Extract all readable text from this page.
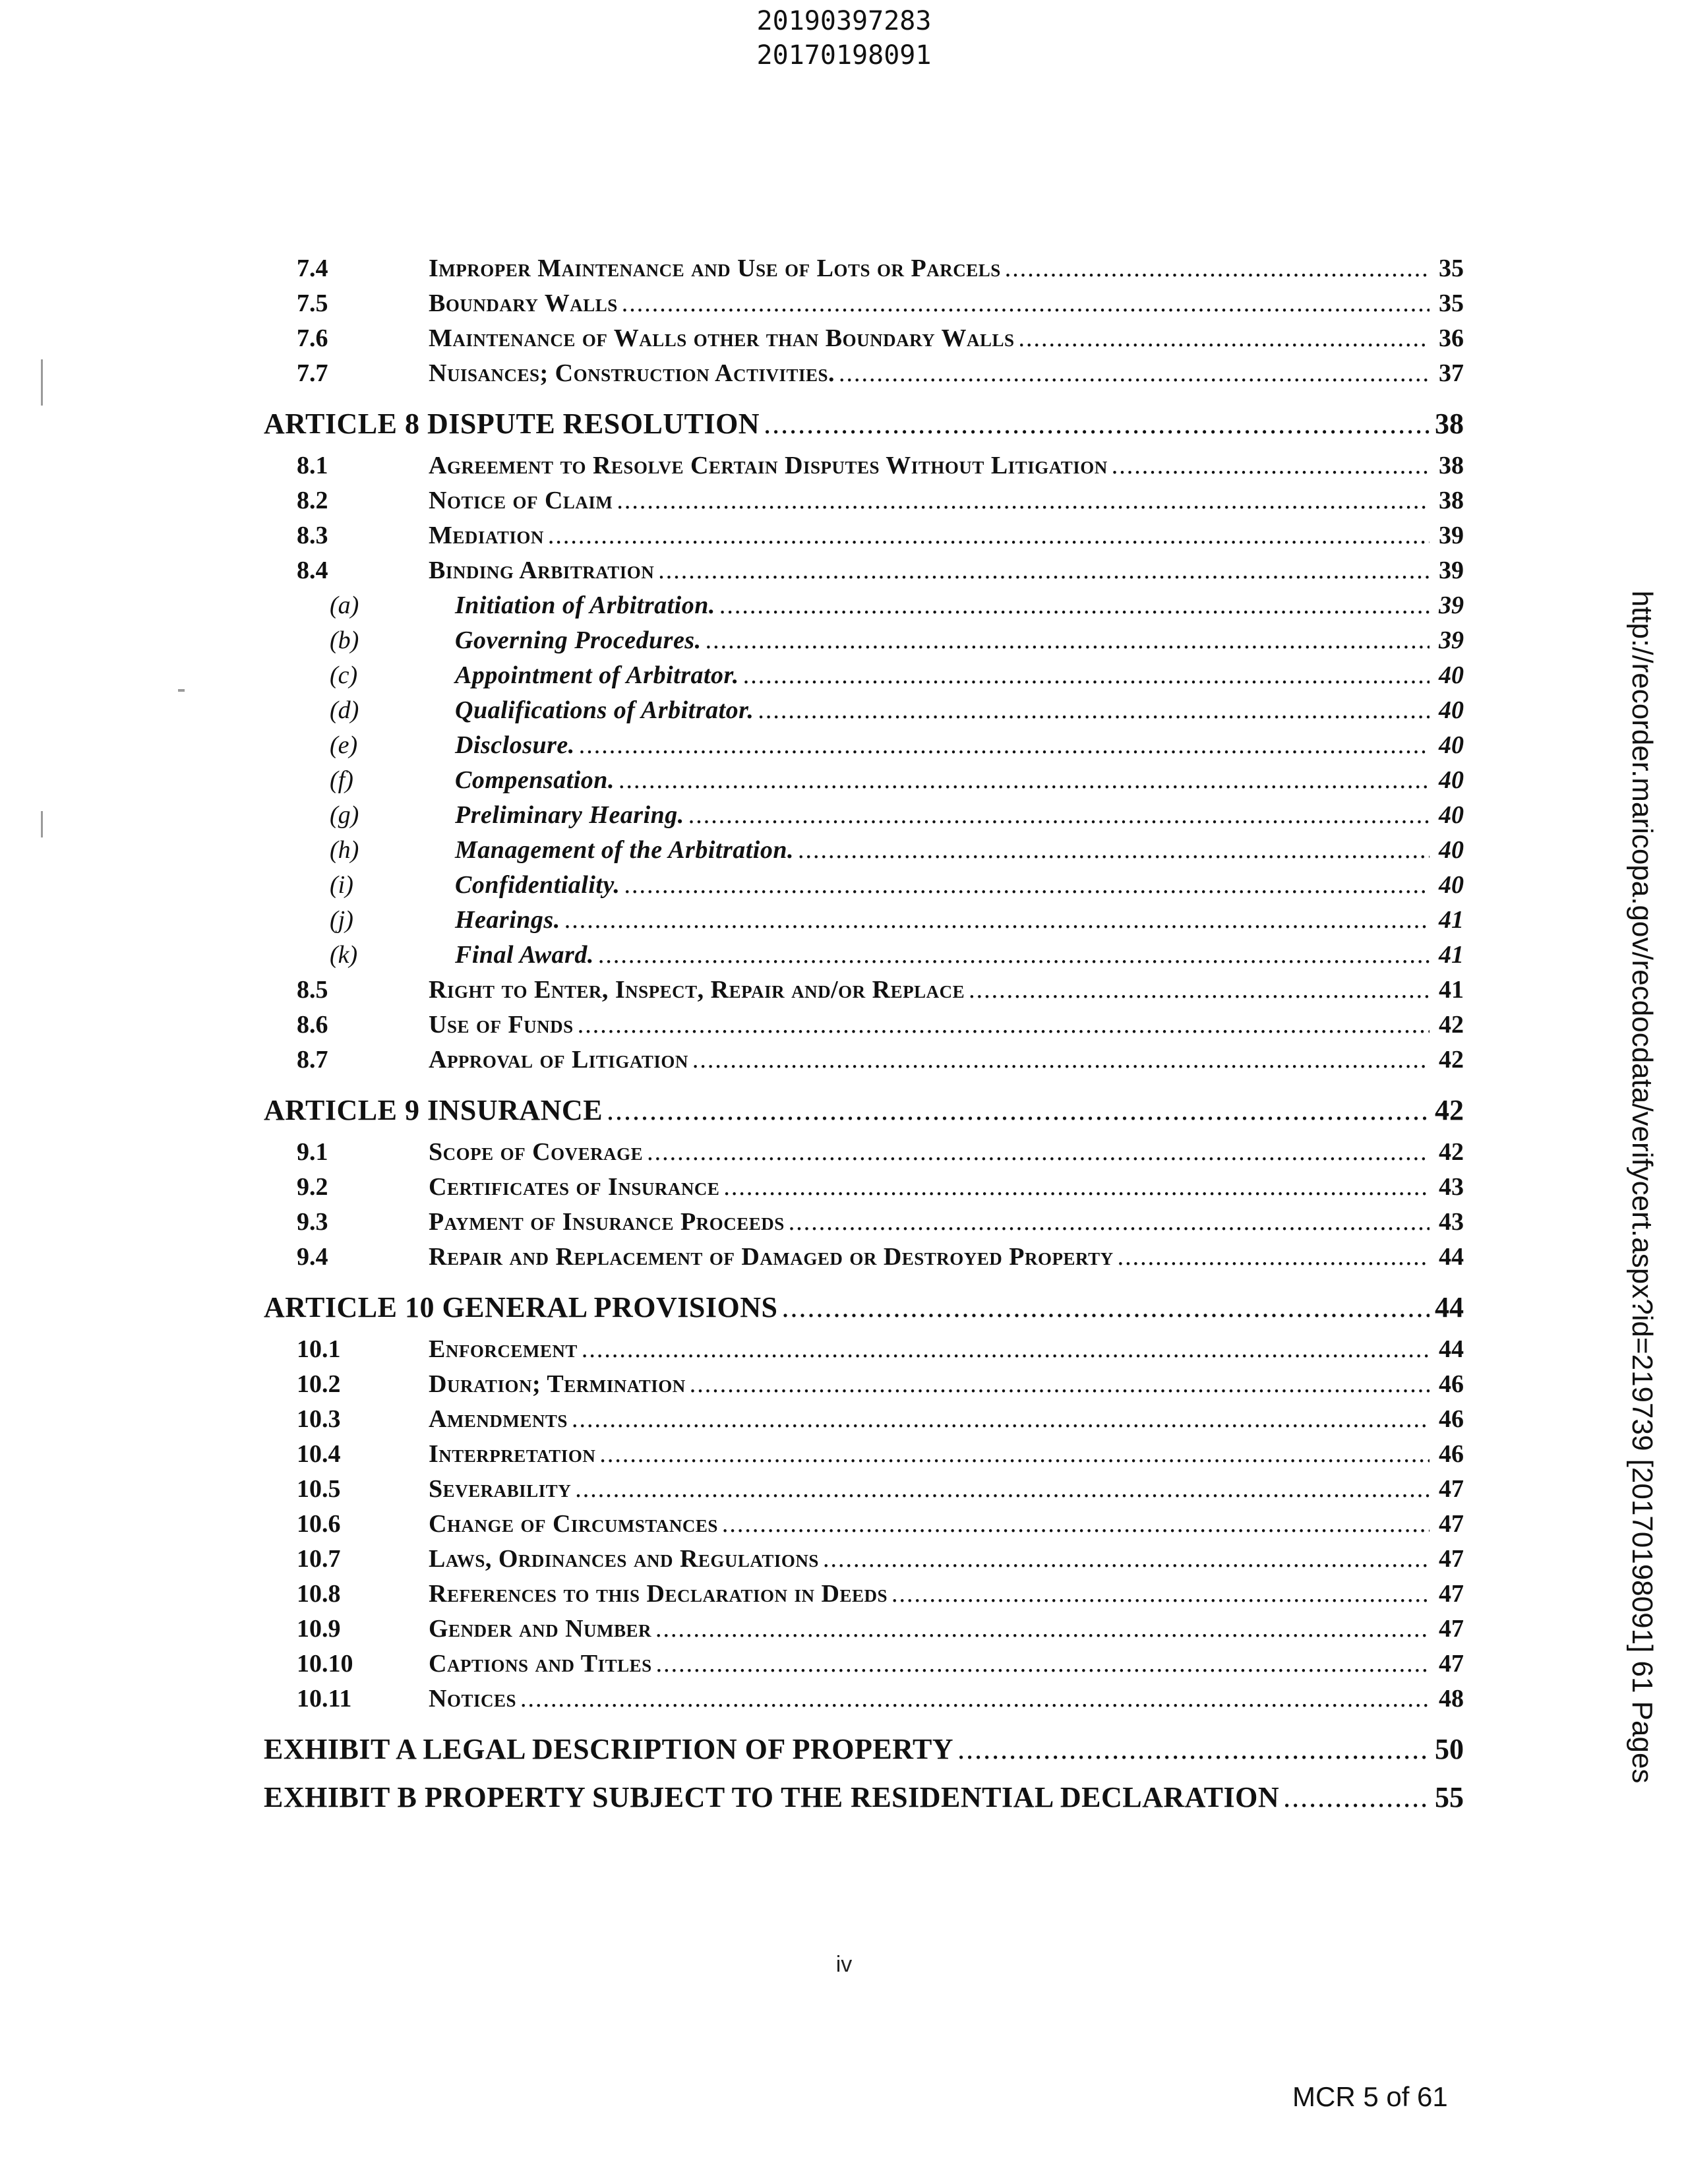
20190397283
20170198091
7.4	Improper Maintenance and Use of Lots or Parcels .....	35
7.5	Boundary Walls .....	35
7.6	Maintenance of Walls other than Boundary Walls .....	36
7.7	Nuisances; Construction Activities. .....	37
ARTICLE 8 DISPUTE RESOLUTION .....	38
8.1	Agreement to Resolve Certain Disputes Without Litigation .....	38
8.2	Notice of Claim .....	38
8.3	Mediation .....	39
8.4	Binding Arbitration .....	39
(a)	Initiation of Arbitration. .....	39
(b)	Governing Procedures. .....	39
(c)	Appointment of Arbitrator. .....	40
(d)	Qualifications of Arbitrator. .....	40
(e)	Disclosure. .....	40
(f)	Compensation. .....	40
(g)	Preliminary Hearing. .....	40
(h)	Management of the Arbitration. .....	40
(i)	Confidentiality. .....	40
(j)	Hearings. .....	41
(k)	Final Award. .....	41
8.5	Right to Enter, Inspect, Repair and/or Replace .....	41
8.6	Use of Funds .....	42
8.7	Approval of Litigation .....	42
ARTICLE 9 INSURANCE .....	42
9.1	Scope of Coverage .....	42
9.2	Certificates of Insurance .....	43
9.3	Payment of Insurance Proceeds .....	43
9.4	Repair and Replacement of Damaged or Destroyed Property .....	44
ARTICLE 10 GENERAL PROVISIONS .....	44
10.1	Enforcement .....	44
10.2	Duration; Termination .....	46
10.3	Amendments .....	46
10.4	Interpretation .....	46
10.5	Severability .....	47
10.6	Change of Circumstances .....	47
10.7	Laws, Ordinances and Regulations .....	47
10.8	References to this Declaration in Deeds .....	47
10.9	Gender and Number .....	47
10.10	Captions and Titles .....	47
10.11	Notices .....	48
EXHIBIT A LEGAL DESCRIPTION OF PROPERTY .....	50
EXHIBIT B PROPERTY SUBJECT TO THE RESIDENTIAL DECLARATION .....	55
iv
MCR 5 of 61
http://recorder.maricopa.gov/recdocdata/verifycert.aspx?id=219739 [20170198091] 61 Pages
